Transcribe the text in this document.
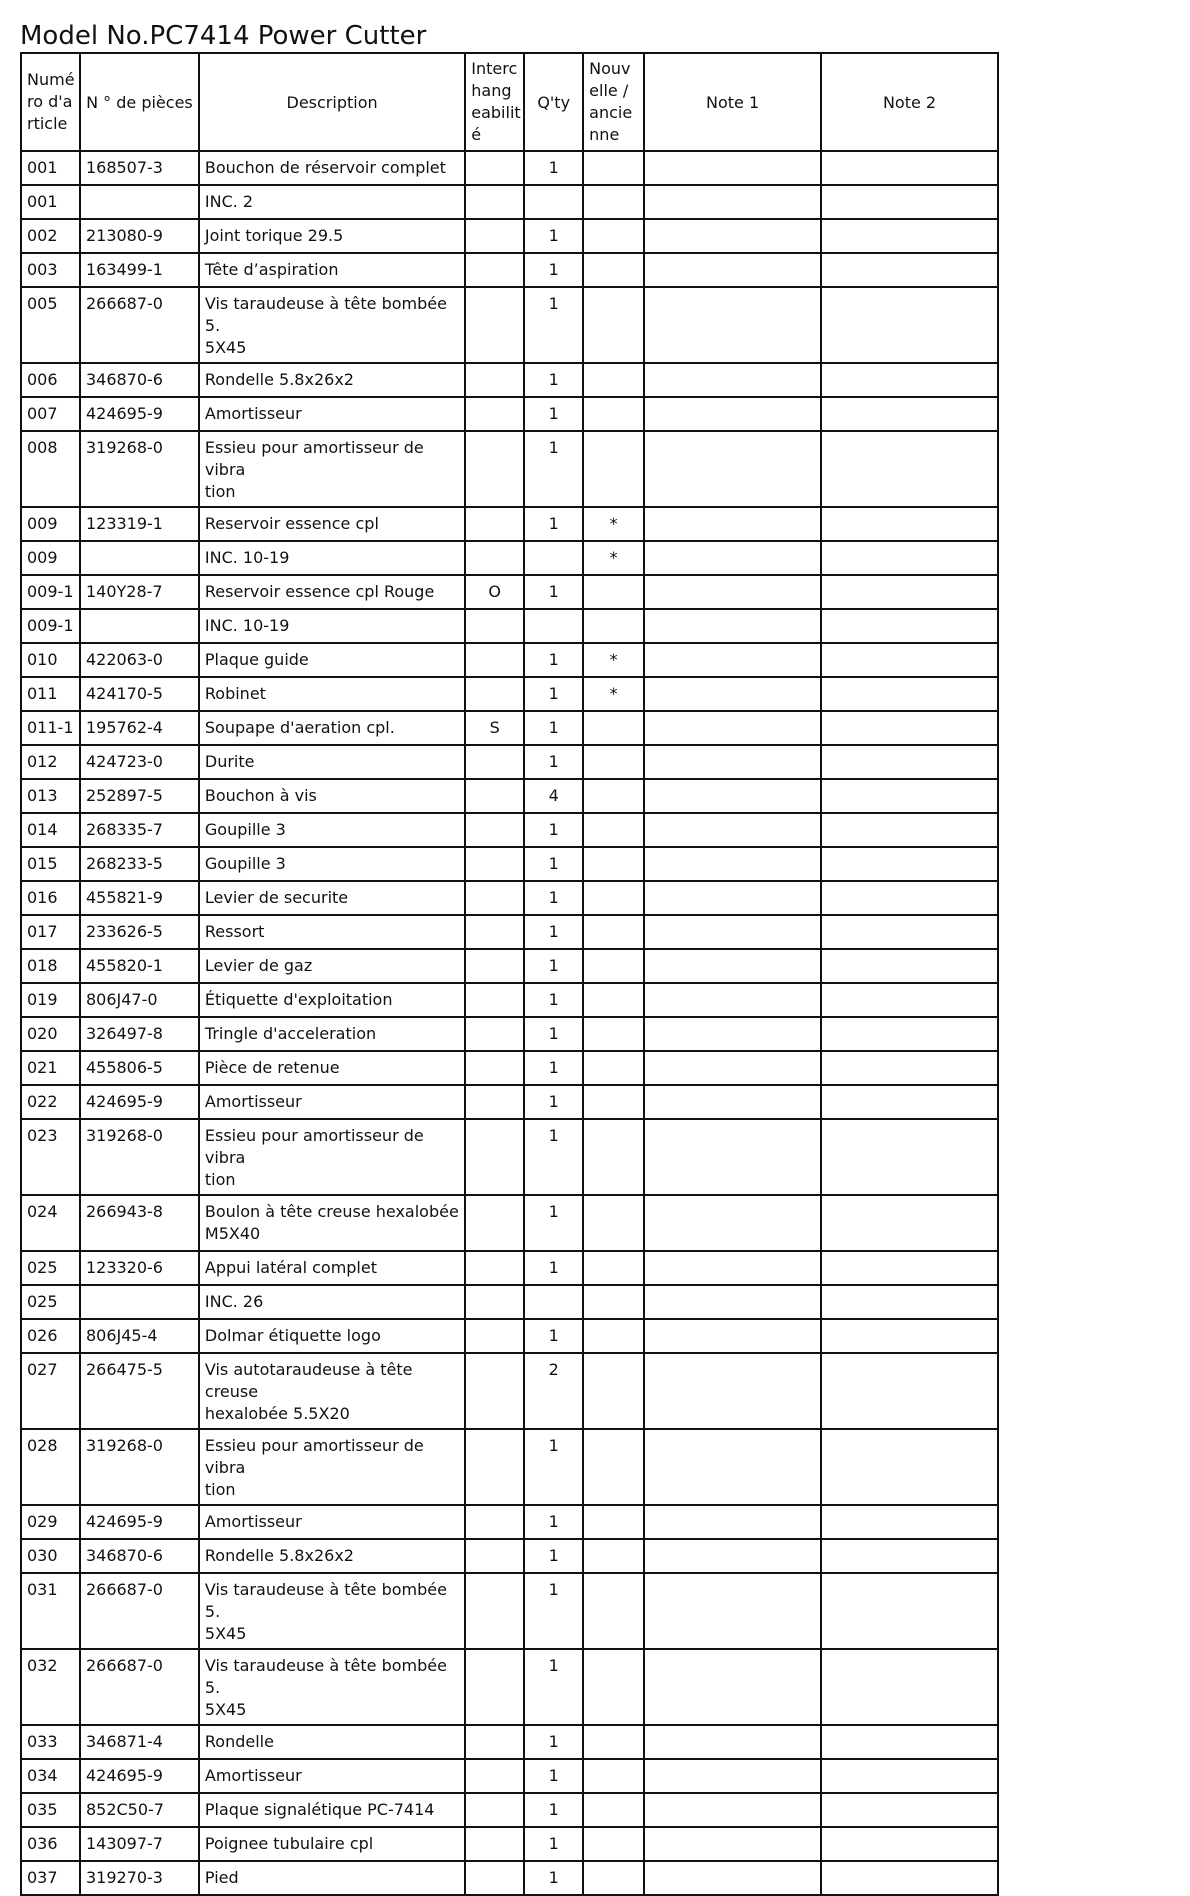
Model No.PC7414 Power Cutter
Numé
ro d'a
rticle	N ° de pièces	Description	Interc
hang
eabilit
é	Q'ty	Nouv
elle /
ancie
nne	Note 1	Note 2
001	168507-3	Bouchon de réservoir complet		1			
001		INC. 2					
002	213080-9	Joint torique 29.5		1			
003	163499-1	Tête d’aspiration		1			
005	266687-0	Vis taraudeuse à tête bombée 5.
5X45		1			
006	346870-6	Rondelle 5.8x26x2		1			
007	424695-9	Amortisseur		1			
008	319268-0	Essieu pour amortisseur de vibra
tion		1			
009	123319-1	Reservoir essence cpl		1	*		
009		INC. 10-19			*		
009-1	140Y28-7	Reservoir essence cpl Rouge	O	1			
009-1		INC. 10-19					
010	422063-0	Plaque guide		1	*		
011	424170-5	Robinet		1	*		
011-1	195762-4	Soupape d'aeration cpl.	S	1			
012	424723-0	Durite		1			
013	252897-5	Bouchon à vis		4			
014	268335-7	Goupille 3		1			
015	268233-5	Goupille 3		1			
016	455821-9	Levier de securite		1			
017	233626-5	Ressort		1			
018	455820-1	Levier de gaz		1			
019	806J47-0	Étiquette d'exploitation		1			
020	326497-8	Tringle d'acceleration		1			
021	455806-5	Pièce de retenue		1			
022	424695-9	Amortisseur		1			
023	319268-0	Essieu pour amortisseur de vibra
tion		1			
024	266943-8	Boulon à tête creuse hexalobée
M5X40		1			
025	123320-6	Appui latéral complet		1			
025		INC. 26					
026	806J45-4	Dolmar étiquette logo		1			
027	266475-5	Vis autotaraudeuse à tête creuse
hexalobée 5.5X20		2			
028	319268-0	Essieu pour amortisseur de vibra
tion		1			
029	424695-9	Amortisseur		1			
030	346870-6	Rondelle 5.8x26x2		1			
031	266687-0	Vis taraudeuse à tête bombée 5.
5X45		1			
032	266687-0	Vis taraudeuse à tête bombée 5.
5X45		1			
033	346871-4	Rondelle		1			
034	424695-9	Amortisseur		1			
035	852C50-7	Plaque signalétique PC-7414		1			
036	143097-7	Poignee tubulaire cpl		1			
037	319270-3	Pied		1			
